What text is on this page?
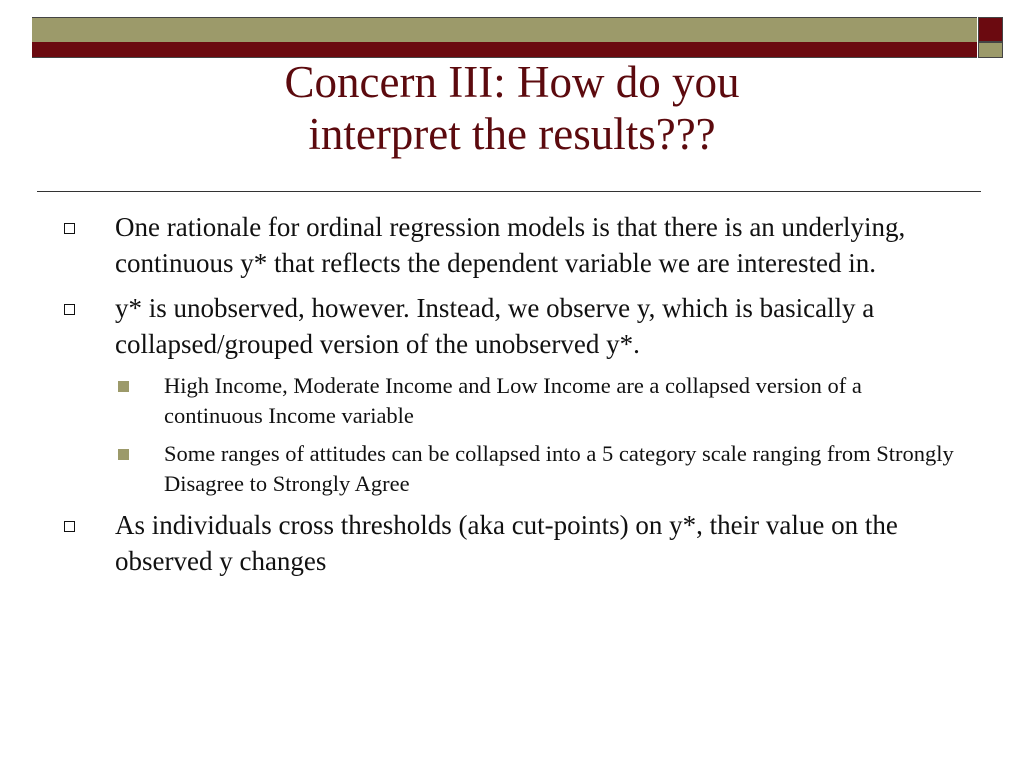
Concern III: How do you
interpret the results???
One rationale for ordinal regression models is that there is an underlying, continuous y* that reflects the dependent variable we are interested in.
y* is unobserved, however. Instead, we observe y, which is basically a collapsed/grouped version of the unobserved y*.
High Income, Moderate Income and Low Income are a collapsed version of a continuous Income variable
Some ranges of attitudes can be collapsed into a 5 category scale ranging from Strongly Disagree to Strongly Agree
As individuals cross thresholds (aka cut-points) on y*, their value on the observed y changes
